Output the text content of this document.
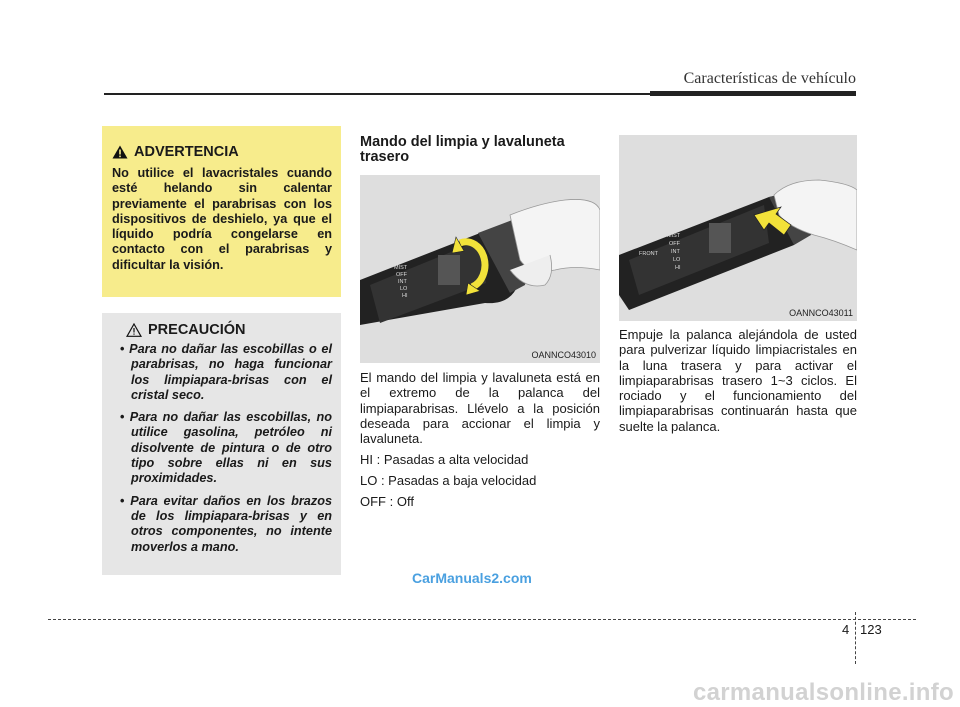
Características de vehículo
ADVERTENCIA

No utilice el lavacristales cuando esté helando sin calentar previamente el parabrisas con los dispositivos de deshielo, ya que el líquido podría congelarse en contacto con el parabrisas y dificultar la visión.

PRECAUCIÓN
• Para no dañar las escobillas o el parabrisas, no haga funcionar los limpiapara-brisas con el cristal seco.
• Para no dañar las escobillas, no utilice gasolina, petróleo ni disolvente de pintura o de otro tipo sobre ellas ni en sus proximidades.
• Para evitar daños en los brazos de los limpiapara-brisas y en otros componentes, no intente moverlos a mano.
Mando del limpia y lavaluneta trasero
MIST
OFF
INT
LO
HI
OANNCO43010

El mando del limpia y lavaluneta está en el extremo de la palanca del limpiaparabrisas. Llévelo a la posición deseada para accionar el limpia y lavaluneta.

HI : Pasadas a alta velocidad

LO : Pasadas a baja velocidad

OFF : Off

FRONT
MIST
OFF
INT
LO
HI
OANNCO43011

Empuje la palanca alejándola de usted para pulverizar líquido limpiacristales en la luna trasera y para activar el limpiaparabrisas trasero 1~3 ciclos. El rociado y el funcionamiento del limpiaparabrisas continuarán hasta que suelte la palanca.

CarManuals2.com
4 123
carmanualsonline.info
